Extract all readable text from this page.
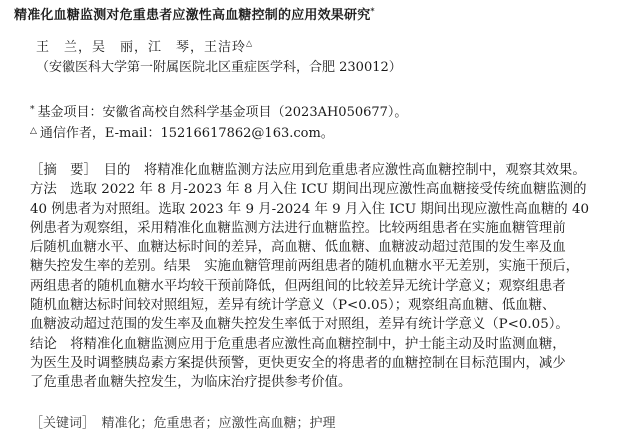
精准化血糖监测对危重患者应激性高血糖控制的应用效果研究*
王　兰，吴　丽，江　琴，王洁玲△
（安徽医科大学第一附属医院北区重症医学科，合肥 230012）
* 基金项目：安徽省高校自然科学基金项目（2023AH050677）。
△ 通信作者，E-mail：15216617862@163.com。
［摘　要］　目的　将精准化血糖监测方法应用到危重患者应激性高血糖控制中，观察其效果。
方法　选取 2022 年 8 月-2023 年 8 月入住 ICU 期间出现应激性高血糖接受传统血糖监测的
40 例患者为对照组。选取 2023 年 9 月-2024 年 9 月入住 ICU 期间出现应激性高血糖的 40
例患者为观察组，采用精准化血糖监测方法进行血糖监控。比较两组患者在实施血糖管理前
后随机血糖水平、血糖达标时间的差异，高血糖、低血糖、血糖波动超过范围的发生率及血
糖失控发生率的差别。结果　实施血糖管理前两组患者的随机血糖水平无差别，实施干预后，
两组患者的随机血糖水平均较干预前降低，但两组间的比较差异无统计学意义；观察组患者
随机血糖达标时间较对照组短，差异有统计学意义（P<0.05）；观察组高血糖、低血糖、
血糖波动超过范围的发生率及血糖失控发生率低于对照组，差异有统计学意义（P<0.05）。
结论　将精准化血糖监测应用于危重患者应激性高血糖控制中，护士能主动及时监测血糖，
为医生及时调整胰岛素方案提供预警，更快更安全的将患者的血糖控制在目标范围内，减少
了危重患者血糖失控发生，为临床治疗提供参考价值。
［关键词］　精准化；危重患者；应激性高血糖；护理
